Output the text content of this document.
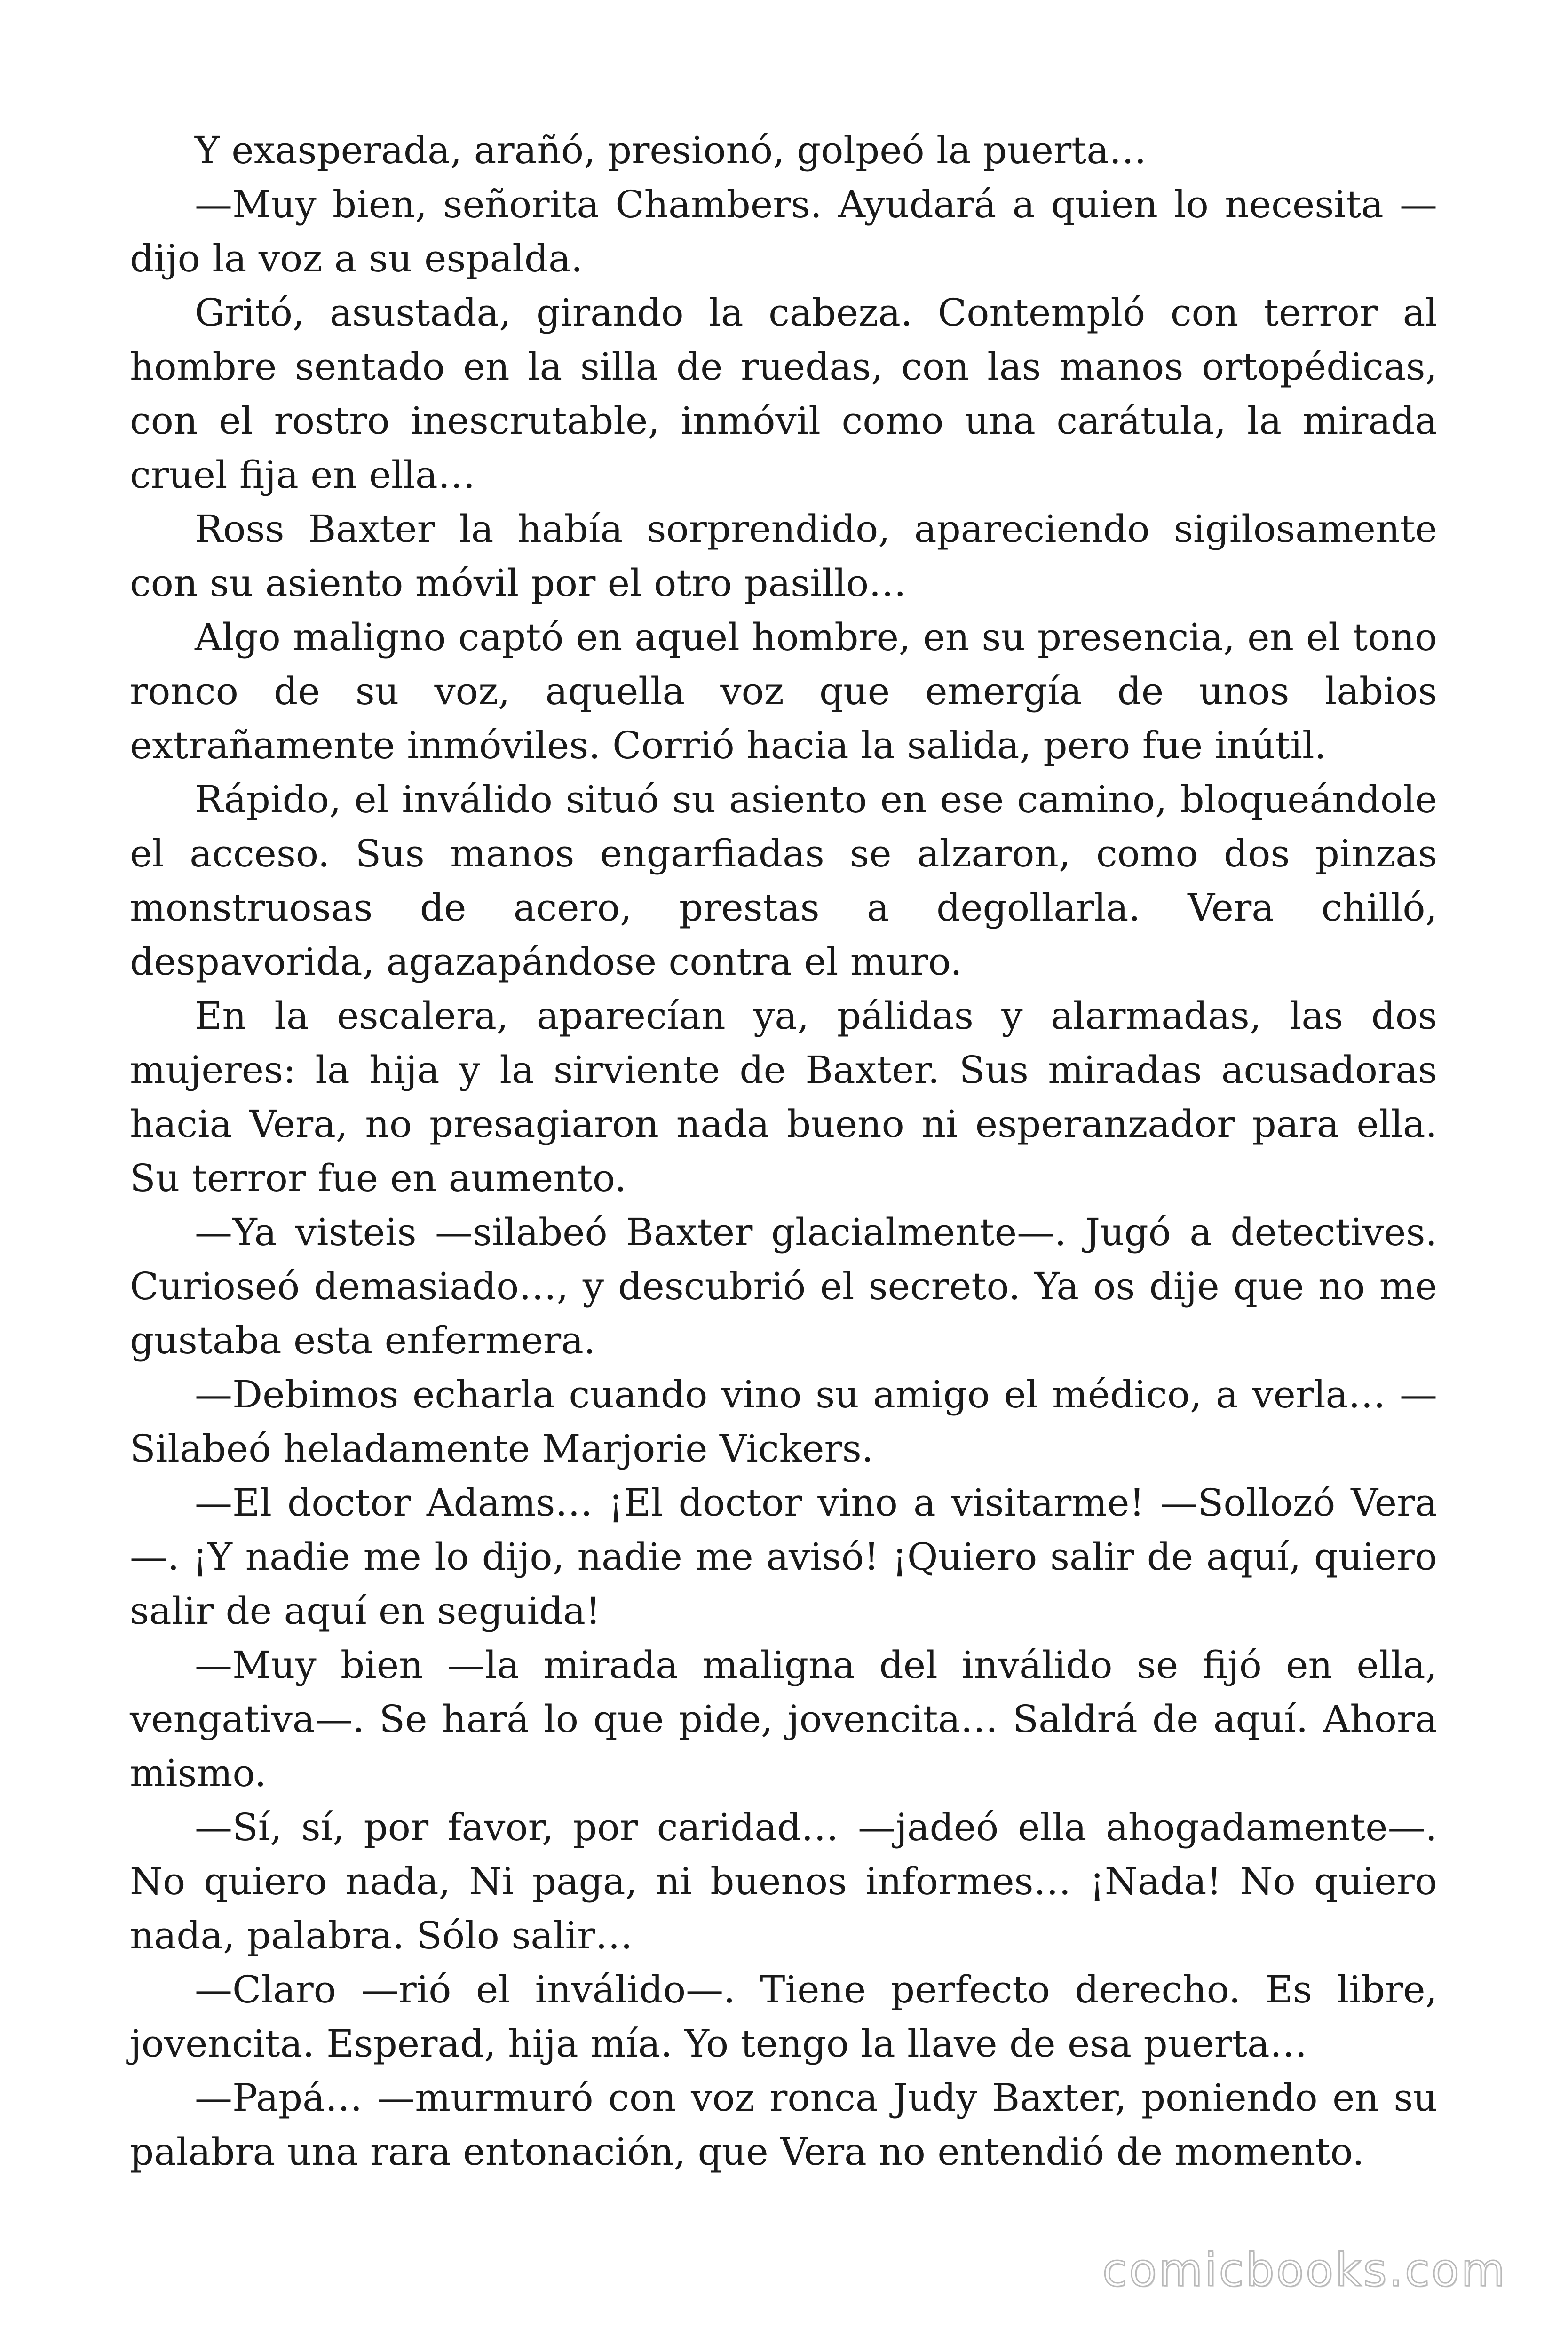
Y exasperada, arañó, presionó, golpeó la puerta…

—Muy bien, señorita Chambers. Ayudará a quien lo necesita —dijo la voz a su espalda.

Gritó, asustada, girando la cabeza. Contempló con terror al hombre sentado en la silla de ruedas, con las manos ortopédicas, con el rostro inescrutable, inmóvil como una carátula, la mirada cruel fija en ella…

Ross Baxter la había sorprendido, apareciendo sigilosamente con su asiento móvil por el otro pasillo…

Algo maligno captó en aquel hombre, en su presencia, en el tono ronco de su voz, aquella voz que emergía de unos labios extrañamente inmóviles. Corrió hacia la salida, pero fue inútil.

Rápido, el inválido situó su asiento en ese camino, bloqueándole el acceso. Sus manos engarfiadas se alzaron, como dos pinzas monstruosas de acero, prestas a degollarla. Vera chilló, despavorida, agazapándose contra el muro.

En la escalera, aparecían ya, pálidas y alarmadas, las dos mujeres: la hija y la sirviente de Baxter. Sus miradas acusadoras hacia Vera, no presagiaron nada bueno ni esperanzador para ella. Su terror fue en aumento.

—Ya visteis —silabeó Baxter glacialmente—. Jugó a detectives. Curioseó demasiado…, y descubrió el secreto. Ya os dije que no me gustaba esta enfermera.

—Debimos echarla cuando vino su amigo el médico, a verla… —Silabeó heladamente Marjorie Vickers.

—El doctor Adams… ¡El doctor vino a visitarme! —Sollozó Vera —. ¡Y nadie me lo dijo, nadie me avisó! ¡Quiero salir de aquí, quiero salir de aquí en seguida!

—Muy bien —la mirada maligna del inválido se fijó en ella, vengativa—. Se hará lo que pide, jovencita… Saldrá de aquí. Ahora mismo.

—Sí, sí, por favor, por caridad… —jadeó ella ahogadamente—. No quiero nada, Ni paga, ni buenos informes… ¡Nada! No quiero nada, palabra. Sólo salir…

—Claro —rió el inválido—. Tiene perfecto derecho. Es libre, jovencita. Esperad, hija mía. Yo tengo la llave de esa puerta…

—Papá… —murmuró con voz ronca Judy Baxter, poniendo en su palabra una rara entonación, que Vera no entendió de momento.

comicbooks.com
